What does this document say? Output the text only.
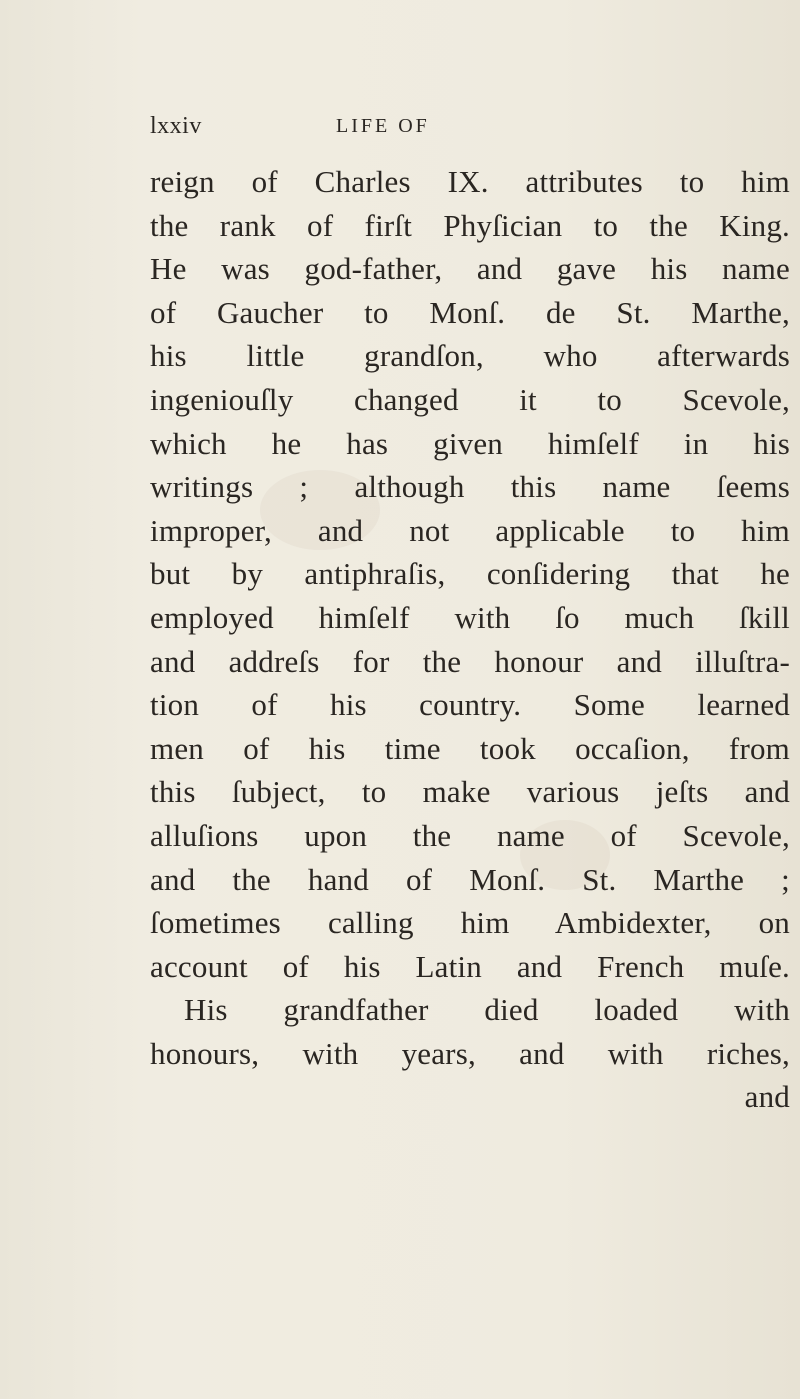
lxxiv	LIFE OF
reign of Charles IX. attributes to him
the rank of firſt Phyſician to the King.
He was god-father, and gave his name
of Gaucher to Monſ. de St. Marthe,
his little grandſon, who afterwards
ingeniouſly changed it to Scevole,
which he has given himſelf in his
writings ; although this name ſeems
improper, and not applicable to him
but by antiphraſis, conſidering that he
employed himſelf with ſo much ſkill
and addreſs for the honour and illuſtra-
tion of his country. Some learned
men of his time took occaſion, from
this ſubject, to make various jeſts and
alluſions upon the name of Scevole,
and the hand of Monſ. St. Marthe ;
ſometimes calling him Ambidexter, on
account of his Latin and French muſe.
His grandfather died loaded with
honours, with years, and with riches,
and
